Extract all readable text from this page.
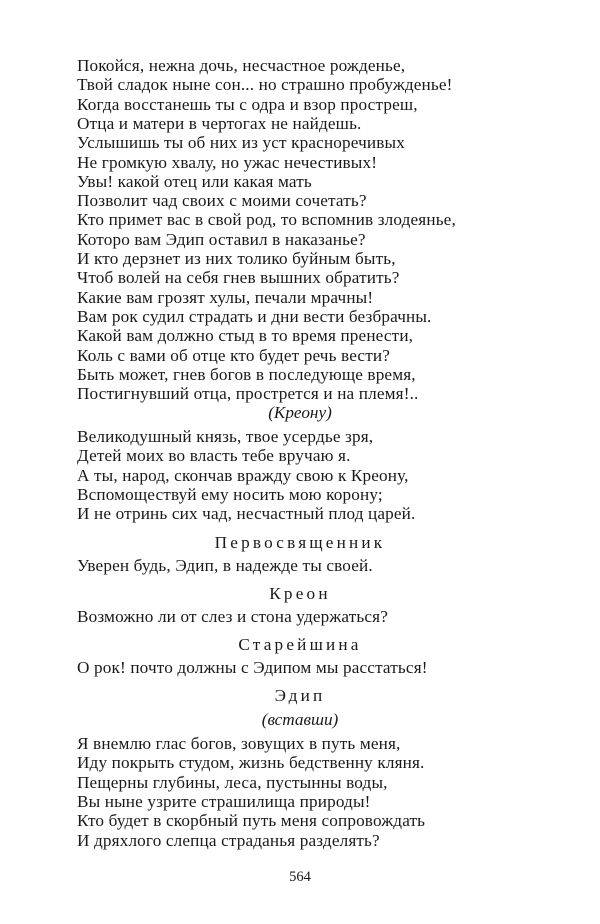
Покойся, нежна дочь, несчастное рожденье,
Твой сладок ныне сон... но страшно пробужденье!
Когда восстанешь ты с одра и взор простреш,
Отца и матери в чертогах не найдешь.
Услышишь ты об них из уст красноречивых
Не громкую хвалу, но ужас нечестивых!
Увы! какой отец или какая мать
Позволит чад своих с моими сочетать?
Кто примет вас в свой род, то вспомнив злодеянье,
Которо вам Эдип оставил в наказанье?
И кто дерзнет из них толико буйным быть,
Чтоб волей на себя гнев вышних обратить?
Какие вам грозят хулы, печали мрачны!
Вам рок судил страдать и дни вести безбрачны.
Какой вам должно стыд в то время пренести,
Коль с вами об отце кто будет речь вести?
Быть может, гнев богов в последующе время,
Постигнувший отца, прострется и на племя!..
(Креону)
Великодушный князь, твое усердье зря,
Детей моих во власть тебе вручаю я.
А ты, народ, скончав вражду свою к Креону,
Вспомоществуй ему носить мою корону;
И не отринь сих чад, несчастный плод царей.
Первосвященник
Уверен будь, Эдип, в надежде ты своей.
Креон
Возможно ли от слез и стона удержаться?
Старейшина
О рок! почто должны с Эдипом мы расстаться!
Эдип
(вставши)
Я внемлю глас богов, зовущих в путь меня,
Иду покрыть студом, жизнь бедственну кляня.
Пещерны глубины, леса, пустынны воды,
Вы ныне узрите страшилища природы!
Кто будет в скорбный путь меня сопровождать
И дряхлого слепца страданья разделять?
564
